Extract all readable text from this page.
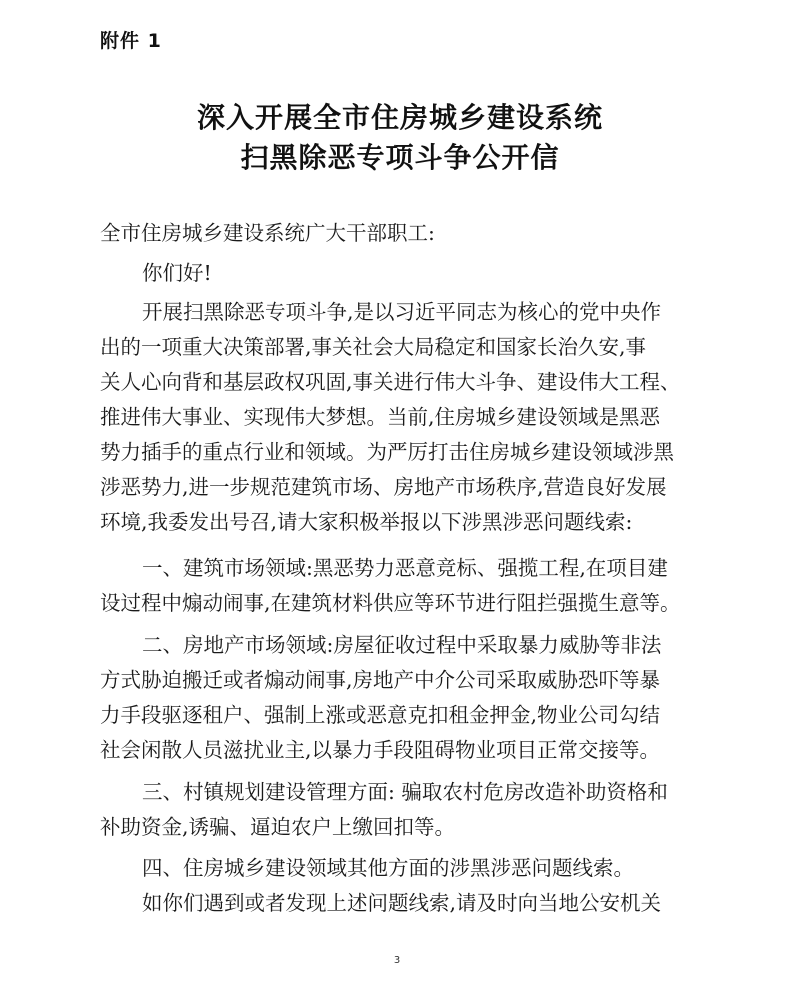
附件 1
深入开展全市住房城乡建设系统
扫黑除恶专项斗争公开信
全市住房城乡建设系统广大干部职工:
你们好!
开展扫黑除恶专项斗争,是以习近平同志为核心的党中央作
出的一项重大决策部署,事关社会大局稳定和国家长治久安,事
关人心向背和基层政权巩固,事关进行伟大斗争、建设伟大工程、
推进伟大事业、实现伟大梦想。当前,住房城乡建设领域是黑恶
势力插手的重点行业和领域。为严厉打击住房城乡建设领域涉黑
涉恶势力,进一步规范建筑市场、房地产市场秩序,营造良好发展
环境,我委发出号召,请大家积极举报以下涉黑涉恶问题线索:
一、建筑市场领域:黑恶势力恶意竞标、强揽工程,在项目建
设过程中煽动闹事,在建筑材料供应等环节进行阻拦强揽生意等。
二、房地产市场领域:房屋征收过程中采取暴力威胁等非法
方式胁迫搬迁或者煽动闹事,房地产中介公司采取威胁恐吓等暴
力手段驱逐租户、强制上涨或恶意克扣租金押金,物业公司勾结
社会闲散人员滋扰业主,以暴力手段阻碍物业项目正常交接等。
三、村镇规划建设管理方面: 骗取农村危房改造补助资格和
补助资金,诱骗、逼迫农户上缴回扣等。
四、住房城乡建设领域其他方面的涉黑涉恶问题线索。
如你们遇到或者发现上述问题线索,请及时向当地公安机关
3
